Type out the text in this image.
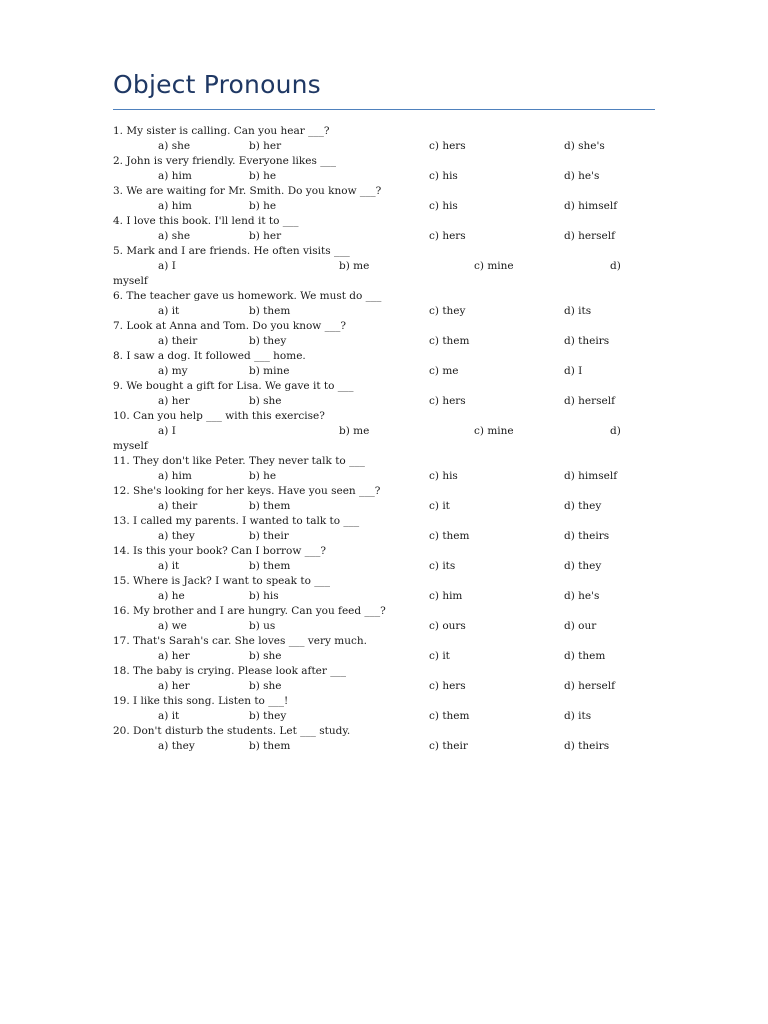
Object Pronouns
1. My sister is calling. Can you hear ___?
a) she	b) her	c) hers	d) she's
2. John is very friendly. Everyone likes ___
a) him	b) he	c) his	d) he's
3. We are waiting for Mr. Smith. Do you know ___?
a) him	b) he	c) his	d) himself
4. I love this book. I'll lend it to ___
a) she	b) her	c) hers	d) herself
5. Mark and I are friends. He often visits ___
a) I	b) me	c) mine	d)
myself
6. The teacher gave us homework. We must do ___
a) it	b) them	c) they	d) its
7. Look at Anna and Tom. Do you know ___?
a) their	b) they	c) them	d) theirs
8. I saw a dog. It followed ___ home.
a) my	b) mine	c) me	d) I
9. We bought a gift for Lisa. We gave it to ___
a) her	b) she	c) hers	d) herself
10. Can you help ___ with this exercise?
a) I	b) me	c) mine	d)
myself
11. They don't like Peter. They never talk to ___
a) him	b) he	c) his	d) himself
12. She's looking for her keys. Have you seen ___?
a) their	b) them	c) it	d) they
13. I called my parents. I wanted to talk to ___
a) they	b) their	c) them	d) theirs
14. Is this your book? Can I borrow ___?
a) it	b) them	c) its	d) they
15. Where is Jack? I want to speak to ___
a) he	b) his	c) him	d) he's
16. My brother and I are hungry. Can you feed ___?
a) we	b) us	c) ours	d) our
17. That's Sarah's car. She loves ___ very much.
a) her	b) she	c) it	d) them
18. The baby is crying. Please look after ___
a) her	b) she	c) hers	d) herself
19. I like this song. Listen to ___!
a) it	b) they	c) them	d) its
20. Don't disturb the students. Let ___ study.
a) they	b) them	c) their	d) theirs
